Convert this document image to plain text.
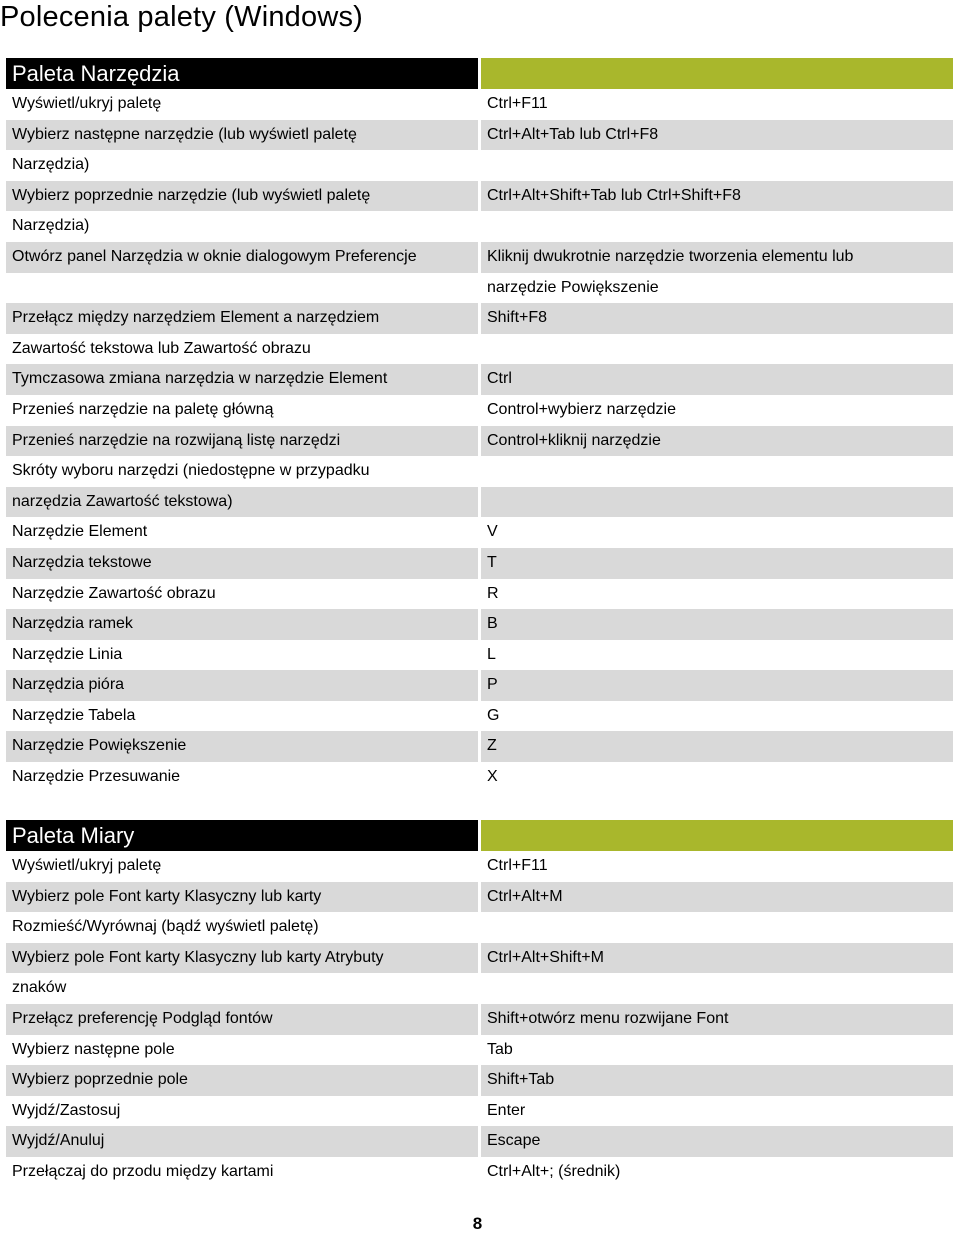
Polecenia palety (Windows)
Paleta Narzędzia
Wyświetl/ukryj paletę	Ctrl+F11
Wybierz następne narzędzie (lub wyświetl paletę	Ctrl+Alt+Tab lub Ctrl+F8
Narzędzia)
Wybierz poprzednie narzędzie (lub wyświetl paletę	Ctrl+Alt+Shift+Tab lub Ctrl+Shift+F8
Narzędzia)
Otwórz panel Narzędzia w oknie dialogowym Preferencje	Kliknij dwukrotnie narzędzie tworzenia elementu lub
narzędzie Powiększenie
Przełącz między narzędziem Element a narzędziem	Shift+F8
Zawartość tekstowa lub Zawartość obrazu
Tymczasowa zmiana narzędzia w narzędzie Element	Ctrl
Przenieś narzędzie na paletę główną	Control+wybierz narzędzie
Przenieś narzędzie na rozwijaną listę narzędzi	Control+kliknij narzędzie
Skróty wyboru narzędzi (niedostępne w przypadku
narzędzia Zawartość tekstowa)
Narzędzie Element	V
Narzędzia tekstowe	T
Narzędzie Zawartość obrazu	R
Narzędzia ramek	B
Narzędzie Linia	L
Narzędzia pióra	P
Narzędzie Tabela	G
Narzędzie Powiększenie	Z
Narzędzie Przesuwanie	X
Paleta Miary
Wyświetl/ukryj paletę	Ctrl+F11
Wybierz pole Font karty Klasyczny lub karty	Ctrl+Alt+M
Rozmieść/Wyrównaj (bądź wyświetl paletę)
Wybierz pole Font karty Klasyczny lub karty Atrybuty	Ctrl+Alt+Shift+M
znaków
Przełącz preferencję Podgląd fontów	Shift+otwórz menu rozwijane Font
Wybierz następne pole	Tab
Wybierz poprzednie pole	Shift+Tab
Wyjdź/Zastosuj	Enter
Wyjdź/Anuluj	Escape
Przełączaj do przodu między kartami	Ctrl+Alt+; (średnik)
8
